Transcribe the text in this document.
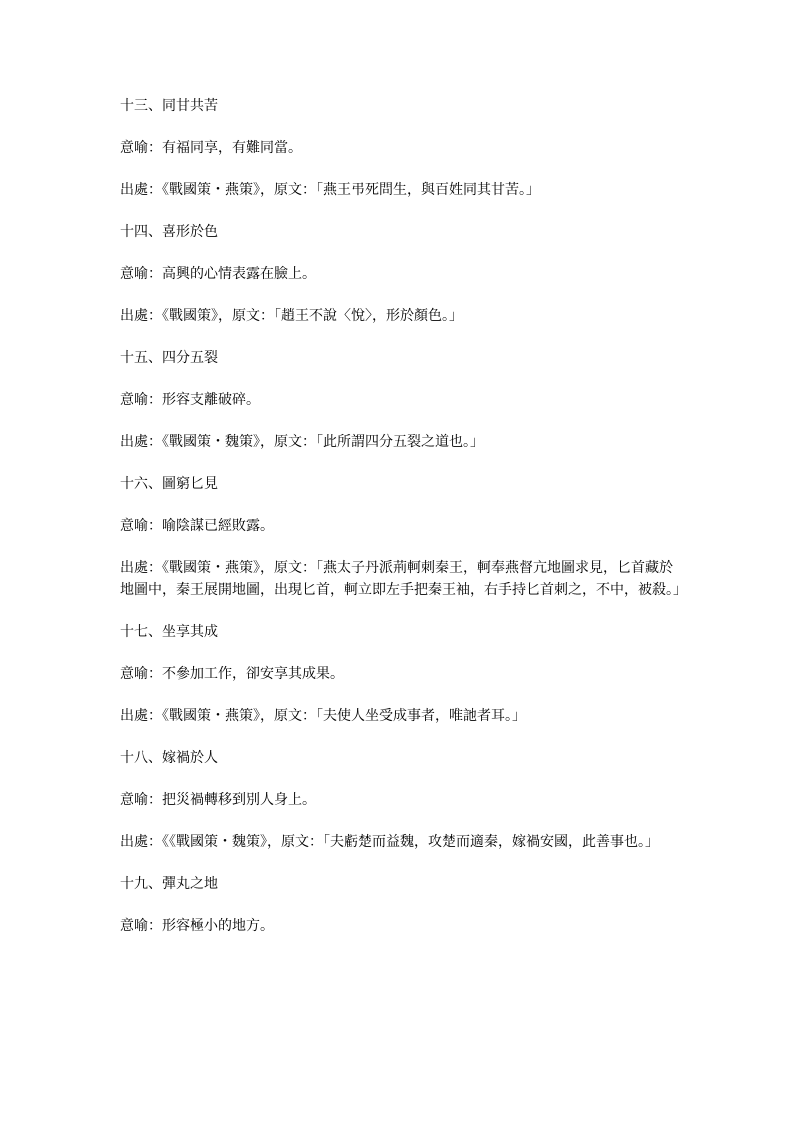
十三、同甘共苦

意喻：有福同享，有難同當。

出處：《戰國策・燕策》，原文：「燕王弔死問生，與百姓同其甘苦。」

十四、喜形於色

意喻：高興的心情表露在臉上。

出處：《戰國策》，原文：「趙王不說〈悅〉，形於顏色。」

十五、四分五裂

意喻：形容支離破碎。

出處：《戰國策・魏策》，原文：「此所謂四分五裂之道也。」

十六、圖窮匕見

意喻：喻陰謀已經敗露。

出處：《戰國策・燕策》，原文：「燕太子丹派荊軻刺秦王，軻奉燕督亢地圖求見，匕首藏於地圖中，秦王展開地圖，出現匕首，軻立即左手把秦王袖，右手持匕首刺之，不中，被殺。」

十七、坐享其成

意喻：不參加工作，卻安享其成果。

出處：《戰國策・燕策》，原文：「夫使人坐受成事者，唯訑者耳。」

十八、嫁禍於人

意喻：把災禍轉移到別人身上。

出處：《《戰國策・魏策》，原文：「夫虧楚而益魏，攻楚而適秦，嫁禍安國，此善事也。」

十九、彈丸之地

意喻：形容極小的地方。
